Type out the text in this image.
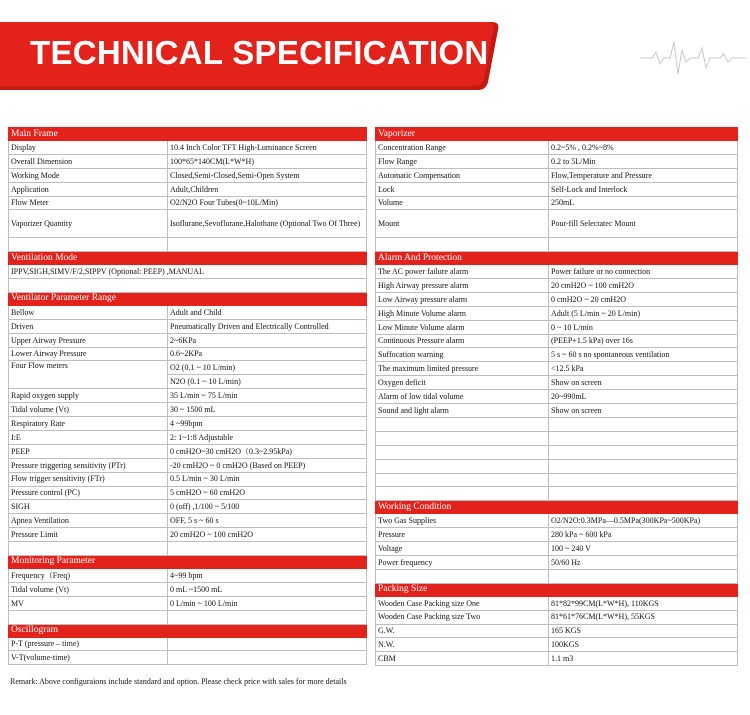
TECHNICAL SPECIFICATION
Main Frame	
Display	10.4 Inch Color TFT High-Luminance Screen
Overall Dimension	100*65*140CM(L*W*H)
Working Mode	Closed,Semi-Closed,Semi-Open System
Application	Adult,Children
Flow Meter	O2/N2O Four Tubes(0~10L/Min)
Vaporizer Quantity	Isoflurane,Sevoflurane,Halothane (Optional Two Of Three)

Ventilation Mode	
IPPV,SIGH,SIMV/F/2,SIPPV (Optional: PEEP) ,MANUAL	

Ventilator Parameter Range	
Bellow	Adult and Child
Driven	Pneumatically Driven and Electrically Controlled
Upper Airway Pressure	2~6KPa
Lower Airway Pressure	0.6~2KPa
Four Flow meters	O2 (0.1 ~ 10 L/min)
	N2O (0.1 ~ 10 L/min)
Rapid oxygen supply	35 L/min ~ 75 L/min
Tidal volume (Vt)	30 ~ 1500 mL
Respiratory Rate	4 ~99bpm
I:E	2: 1~1:8 Adjustable
PEEP	0 cmH2O~30 cmH2O（0.3~2.95kPa)
Pressure triggering sensitivity (PTr)	-20 cmH2O ~ 0 cmH2O (Based on PEEP)
Flow trigger sensitivity (FTr)	0.5 L/min ~ 30 L/min
Pressure control (PC)	5 cmH2O ~ 60 cmH2O
SIGH	0 (off) ,1/100 ~ 5/100
Apnea Ventilation	OFF, 5 s ~ 60 s
Pressure Limit	20 cmH2O ~ 100 cmH2O

Monitoring Parameter	
Frequency（Freq)	4~99 bpm
Tidal volume (Vt)	0 mL ~1500 mL
MV	0 L/min ~ 100 L/min

Oscillogram	
P-T (pressure – time)	
V-T(volume-time)	
Vaporizer	
Concentration Range	0.2~5% , 0.2%~8%
Flow Range	0.2 to 5L/Min
Automatic Compensation	Flow,Temperature and Pressure
Lock	Self-Lock and Interlock
Volume	250mL
Mount	Pour-fill Selectatec Mount

Alarm And Protection	
The AC power failure alarm	Power failure or no connection
High Airway pressure alarm	20 cmH2O ~ 100 cmH2O
Low Airway pressure alarm	0 cmH2O ~ 20 cmH2O
High Minute Volume alarm	Adult (5 L/min ~ 20 L/min)
Low Minute Volume alarm	0 ~ 10 L/min
Continuous Pressure alarm	(PEEP+1.5 kPa) over 16s
Suffocation warning	5 s ~ 60 s no spontaneous ventilation
The maximum limited pressure	<12.5 kPa
Oxygen deficit	Show on screen
Alarm of low tidal volume	20~990mL
Sound and light alarm	Show on screen

Working Condition	
Two Gas Supplies	O2/N2O:0.3MPa—0.5MPa(300KPa~500KPa)
Pressure	280 kPa ~ 600 kPa
Voltage	100 ~ 240 V
Power frequency	50/60 Hz

Packing Size	
Wooden Case Packing size One	81*82*99CM(L*W*H), 110KGS
Wooden Case Packing size Two	81*61*76CM(L*W*H), 55KGS
G.W.	165 KGS
N.W.	100KGS
CBM	1.1 m3
Remark: Above configuraions include standard and option. Please check price with sales for more details
